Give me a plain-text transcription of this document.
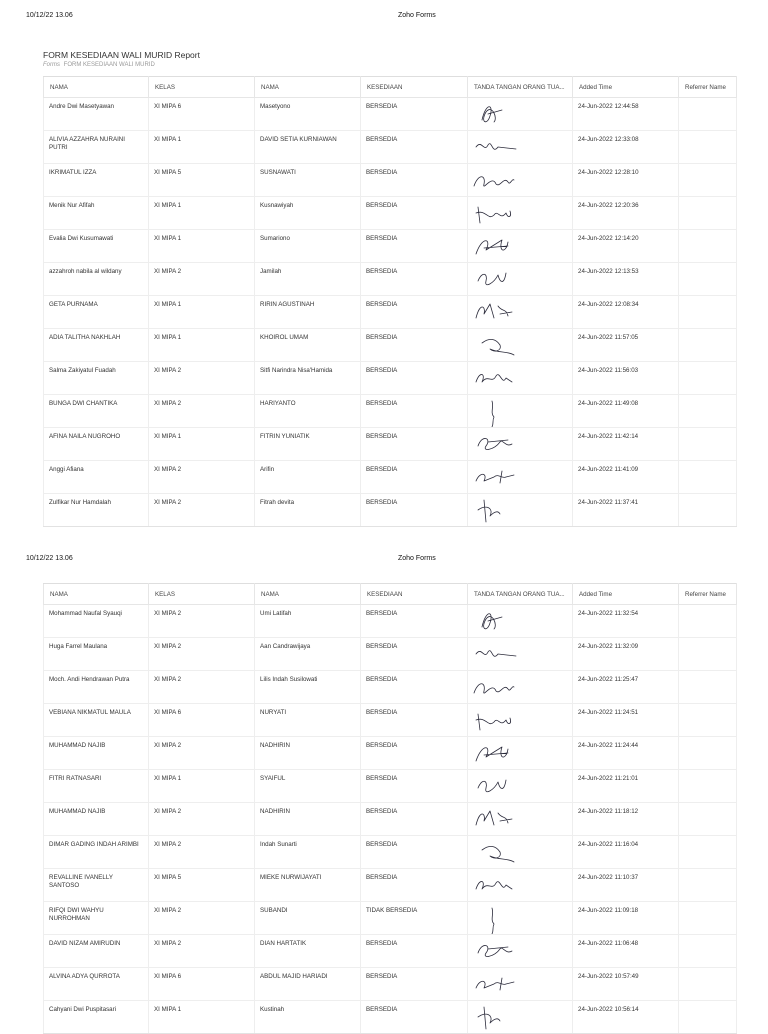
10/12/22 13.06	Zoho Forms
FORM KESEDIAAN WALI MURID Report
Forms FORM KESEDIAAN WALI MURID
NAMA	KELAS	NAMA	KESEDIAAN	TANDA TANGAN ORANG TUA...	Added Time	Referrer Name
Andre Dwi Masetyawan	XI MIPA 6	Masetyono	BERSEDIA		24-Jun-2022 12:44:58	
ALIVIA AZZAHRA NURAINI PUTRI	XI MIPA 1	DAVID SETIA KURNIAWAN	BERSEDIA		24-Jun-2022 12:33:08	
IKRIMATUL IZZA	XI MIPA 5	SUSNAWATI	BERSEDIA		24-Jun-2022 12:28:10	
Menik Nur Afifah	XI MIPA 1	Kusnawiyah	BERSEDIA		24-Jun-2022 12:20:36	
Evalia Dwi Kusumawati	XI MIPA 1	Sumariono	BERSEDIA		24-Jun-2022 12:14:20	
azzahroh nabila al wildany	XI MIPA 2	Jamilah	BERSEDIA		24-Jun-2022 12:13:53	
GETA PURNAMA	XI MIPA 1	RIRIN AGUSTINAH	BERSEDIA		24-Jun-2022 12:08:34	
ADIA TALITHA NAKHLAH	XI MIPA 1	KHOIROL UMAM	BERSEDIA		24-Jun-2022 11:57:05	
Salma Zakiyatul Fuadah	XI MIPA 2	Sitfi Narindra Nisa'Hamida	BERSEDIA		24-Jun-2022 11:56:03	
BUNGA DWI CHANTIKA	XI MIPA 2	HARIYANTO	BERSEDIA		24-Jun-2022 11:49:08	
AFINA NAILA NUGROHO	XI MIPA 1	FITRIN YUNIATIK	BERSEDIA		24-Jun-2022 11:42:14	
Anggi Afiana	XI MIPA 2	Arifin	BERSEDIA		24-Jun-2022 11:41:09	
Zulfikar Nur Hamdalah	XI MIPA 2	Fitrah devita	BERSEDIA		24-Jun-2022 11:37:41	
10/12/22 13.06	Zoho Forms
NAMA	KELAS	NAMA	KESEDIAAN	TANDA TANGAN ORANG TUA...	Added Time	Referrer Name
Mohammad Naufal Syauqi	XI MIPA 2	Umi Latifah	BERSEDIA		24-Jun-2022 11:32:54	
Huga Farrel Maulana	XI MIPA 2	Aan Candrawijaya	BERSEDIA		24-Jun-2022 11:32:09	
Moch. Andi Hendrawan Putra	XI MIPA 2	Lilis Indah Susilowati	BERSEDIA		24-Jun-2022 11:25:47	
VEBIANA NIKMATUL MAULA	XI MIPA 6	NURYATI	BERSEDIA		24-Jun-2022 11:24:51	
MUHAMMAD NAJIB	XI MIPA 2	NADHIRIN	BERSEDIA		24-Jun-2022 11:24:44	
FITRI RATNASARI	XI MIPA 1	SYAIFUL	BERSEDIA		24-Jun-2022 11:21:01	
MUHAMMAD NAJIB	XI MIPA 2	NADHIRIN	BERSEDIA		24-Jun-2022 11:18:12	
DIMAR GADING INDAH ARIMBI	XI MIPA 2	Indah Sunarti	BERSEDIA		24-Jun-2022 11:16:04	
REVALLINE IVANELLY SANTOSO	XI MIPA 5	MIEKE NURWIJAYATI	BERSEDIA		24-Jun-2022 11:10:37	
RIFQI DWI WAHYU NURROHMAN	XI MIPA 2	SUBANDI	TIDAK BERSEDIA		24-Jun-2022 11:09:18	
DAVID NIZAM AMIRUDIN	XI MIPA 2	DIAN HARTATIK	BERSEDIA		24-Jun-2022 11:06:48	
ALVINA ADYA QURROTA	XI MIPA 6	ABDUL MAJID HARIADI	BERSEDIA		24-Jun-2022 10:57:49	
Cahyani Dwi Puspitasari	XI MIPA 1	Kustinah	BERSEDIA		24-Jun-2022 10:56:14	
